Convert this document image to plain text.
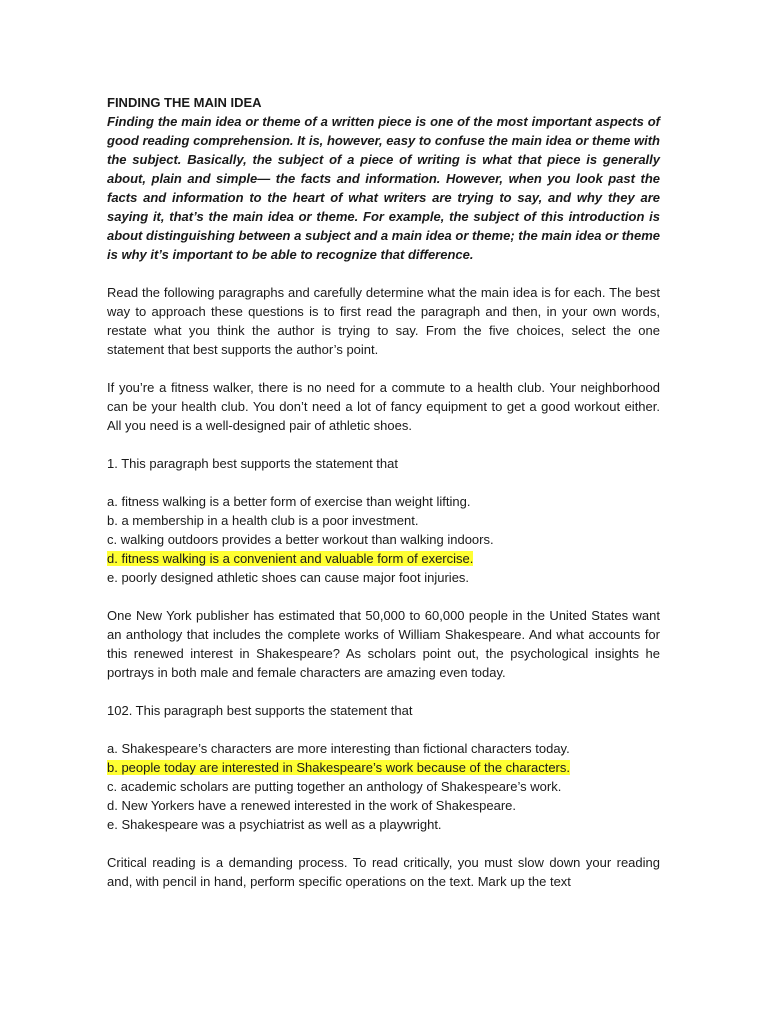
FINDING THE MAIN IDEA

Finding the main idea or theme of a written piece is one of the most important aspects of good reading comprehension. It is, however, easy to confuse the main idea or theme with the subject. Basically, the subject of a piece of writing is what that piece is generally about, plain and simple— the facts and information. However, when you look past the facts and information to the heart of what writers are trying to say, and why they are saying it, that’s the main idea or theme. For example, the subject of this introduction is about distinguishing between a subject and a main idea or theme; the main idea or theme is why it’s important to be able to recognize that difference.

Read the following paragraphs and carefully determine what the main idea is for each. The best way to approach these questions is to first read the paragraph and then, in your own words, restate what you think the author is trying to say. From the five choices, select the one statement that best supports the author’s point.

If you’re a fitness walker, there is no need for a commute to a health club. Your neighborhood can be your health club. You don’t need a lot of fancy equipment to get a good workout either. All you need is a well-designed pair of athletic shoes.

1. This paragraph best supports the statement that

a. fitness walking is a better form of exercise than weight lifting.
b. a membership in a health club is a poor investment.
c. walking outdoors provides a better workout than walking indoors.
d. fitness walking is a convenient and valuable form of exercise.
e. poorly designed athletic shoes can cause major foot injuries.

One New York publisher has estimated that 50,000 to 60,000 people in the United States want an anthology that includes the complete works of William Shakespeare. And what accounts for this renewed interest in Shakespeare? As scholars point out, the psychological insights he portrays in both male and female characters are amazing even today.

102. This paragraph best supports the statement that

a. Shakespeare’s characters are more interesting than fictional characters today.
b. people today are interested in Shakespeare’s work because of the characters.
c. academic scholars are putting together an anthology of Shakespeare’s work.
d. New Yorkers have a renewed interested in the work of Shakespeare.
e. Shakespeare was a psychiatrist as well as a playwright.

Critical reading is a demanding process. To read critically, you must slow down your reading and, with pencil in hand, perform specific operations on the text. Mark up the text
